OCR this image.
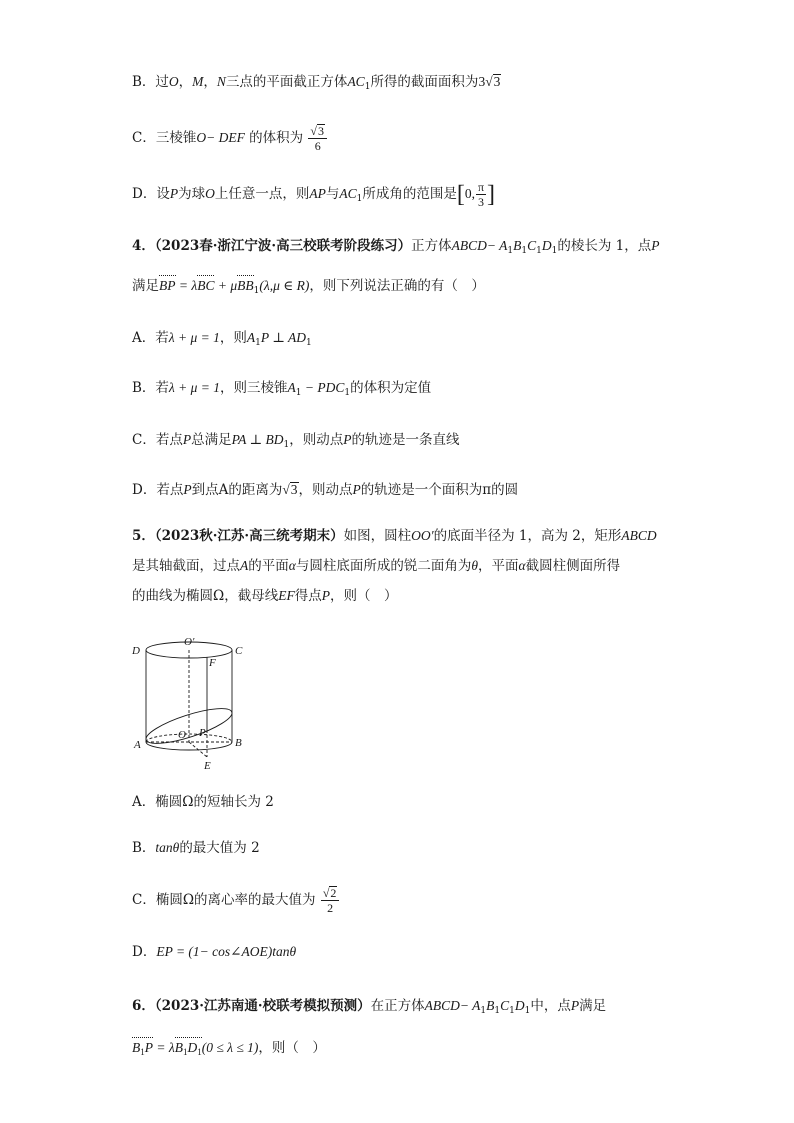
B．过O，M，N三点的平面截正方体$AC_1$所得的截面面积为3√3
C．三棱锥O− DEF 的体积为 $\frac{√3}{6}$
D．设P为球O上任意一点，则AP与$AC_1$所成角的范围是[0, $\frac{\pi}{3}$ ]
4．（2023春·浙江宁波·高三校联考阶段练习）正方体ABCD− $A_1B_1C_1D_1$的棱长为 1，点P
满足BP = λBC + μBB$_1$(λ,μ ∈ R)，则下列说法正确的有（　）
A．若λ + μ = 1，则$A_1P$ ⊥ $AD_1$
B．若λ + μ = 1，则三棱锥$A_1 - PDC_1$的体积为定值
C．若点P总满足PA ⊥ $BD_1$，则动点P的轨迹是一条直线
D．若点P到点A的距离为√3，则动点P的轨迹是一个面积为π的圆
5．（2023秋·江苏·高三统考期末）如图，圆柱OO′的底面半径为 1，高为 2，矩形ABCD
是其轴截面，过点A的平面α与圆柱底面所成的锐二面角为θ，平面α截圆柱侧面所得
的曲线为椭圆Ω，截母线EF得点P，则（　）
D
O′
C
F
A
O P
B
E
A．椭圆Ω的短轴长为 2
B．tanθ的最大值为 2
C．椭圆Ω的离心率的最大值为 $\frac{√2}{2}$
D．EP = (1− cos∠AOE)tanθ
6．（2023·江苏南通·校联考模拟预测）在正方体ABCD− $A_1B_1C_1D_1$中，点P满足
$B_1P = \lambda B_1D_1(0 \le \lambda \le 1)$，则（　）
